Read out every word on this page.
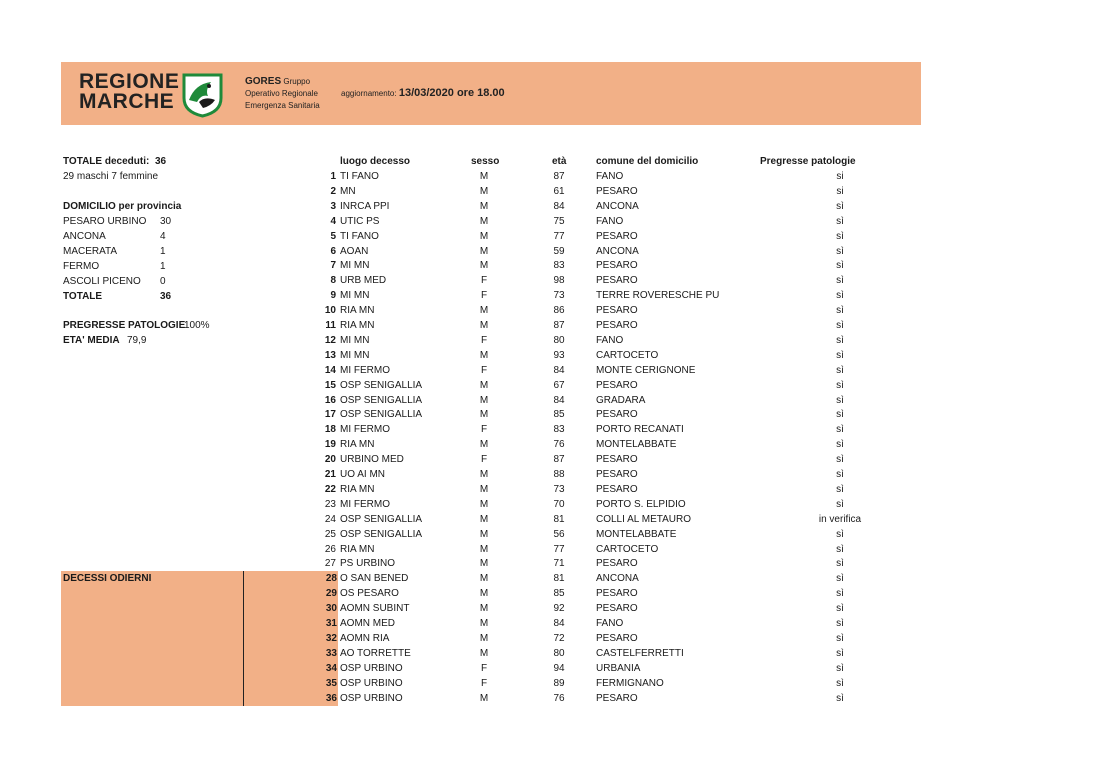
REGIONE
MARCHE
GORES Gruppo
Operativo Regionale
Emergenza Sanitaria
aggiornamento: 13/03/2020 ore 18.00
TOTALE deceduti: 36
29 maschi 7 femmine
DOMICILIO per provincia
PESARO URBINO 30
ANCONA	4
MACERATA	1
FERMO	1
ASCOLI PICENO 0
TOTALE	36
PREGRESSE PATOLOGIE
100%
ETA' MEDIA 79,9
DECESSI ODIERNI
luogo decesso	sesso	età	comune del domicilio	Pregresse patologie
1 TI FANO	M	87	FANO	si
2 MN	M	61	PESARO	si
3 INRCA PPI	M	84	ANCONA	sì
4 UTIC PS	M	75	FANO	sì
5 TI FANO	M	77	PESARO	sì
6 AOAN	M	59	ANCONA	sì
7 MI MN	M	83	PESARO	sì
8 URB MED	F	98	PESARO	sì
9 MI MN	F	73	TERRE ROVERESCHE PU	sì
10 RIA MN	M	86	PESARO	sì
11 RIA MN	M	87	PESARO	sì
12 MI MN	F	80	FANO	sì
13 MI MN	M	93	CARTOCETO	sì
14 MI FERMO	F	84	MONTE CERIGNONE	sì
15 OSP SENIGALLIA	M	67	PESARO	sì
16 OSP SENIGALLIA	M	84	GRADARA	sì
17 OSP SENIGALLIA	M	85	PESARO	sì
18 MI FERMO	F	83	PORTO RECANATI	sì
19 RIA MN	M	76	MONTELABBATE	sì
20 URBINO MED	F	87	PESARO	sì
21 UO AI MN	M	88	PESARO	sì
22 RIA MN	M	73	PESARO	sì
23 MI FERMO	M	70	PORTO S. ELPIDIO	sì
24 OSP SENIGALLIA	M	81	COLLI AL METAURO	in verifica
25 OSP SENIGALLIA	M	56	MONTELABBATE	sì
26 RIA MN	M	77	CARTOCETO	sì
27 PS URBINO	M	71	PESARO	sì
28 O SAN BENED	M	81	ANCONA	sì
29 OS PESARO	M	85	PESARO	sì
30 AOMN SUBINT	M	92	PESARO	sì
31 AOMN MED	M	84	FANO	sì
32 AOMN RIA	M	72	PESARO	sì
33 AO TORRETTE	M	80	CASTELFERRETTI	sì
34 OSP URBINO	F	94	URBANIA	sì
35 OSP URBINO	F	89	FERMIGNANO	sì
36 OSP URBINO	M	76	PESARO	sì
